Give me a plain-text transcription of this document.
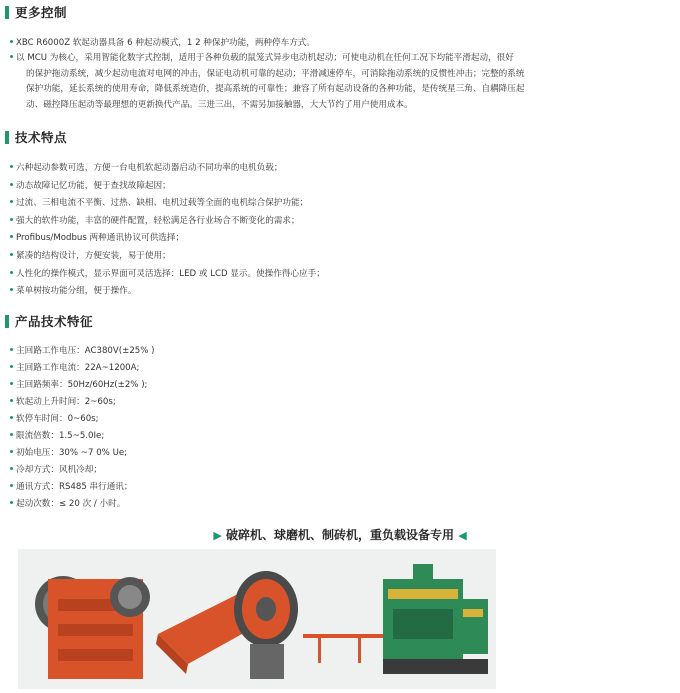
更多控制
XBC R6000Z 软起动器具备 6 种起动模式，1 2 种保护功能，两种停车方式。
以 MCU 为核心，采用智能化数字式控制，适用于各种负载的鼠笼式异步电动机起动；可使电动机在任何工况下均能平滑起动，很好
的保护拖动系统，减少起动电流对电网的冲击，保证电动机可靠的起动；平滑减速停车，可消除拖动系统的反惯性冲击；完整的系统
保护功能，延长系统的使用寿命，降低系统造价，提高系统的可靠性；兼容了所有起动设备的各种功能，是传统星三角、自耦降压起
动、磁控降压起动等最理想的更新换代产品。三进三出，不需另加接触器，大大节约了用户使用成本。
技术特点
六种起动参数可选，方便一台电机软起动器启动不同功率的电机负载；
动态故障记忆功能，便于查找故障起因；
过流、三相电流不平衡、过热、缺相、电机过载等全面的电机综合保护功能；
强大的软件功能，丰富的硬件配置，轻松满足各行业场合不断变化的需求；
Profibus/Modbus 两种通讯协议可供选择；
紧凑的结构设计，方便安装，易于使用；
人性化的操作模式，显示界面可灵活选择：LED 或 LCD 显示。使操作得心应手；
菜单树按功能分组，便于操作。
产品技术特征
主回路工作电压：AC380V(±25% )
主回路工作电流：22A~1200A;
主回路频率：50Hz/60Hz(±2% );
软起动上升时间：2~60s;
软停车时间：0~60s;
限流倍数：1.5~5.0Ie;
初始电压：30% ~7 0% Ue;
冷却方式：风机冷却；
通讯方式：RS485 串行通讯；
起动次数：≤ 20 次 / 小时。
▶ 破碎机、球磨机、制砖机，重负载设备专用 ◀
